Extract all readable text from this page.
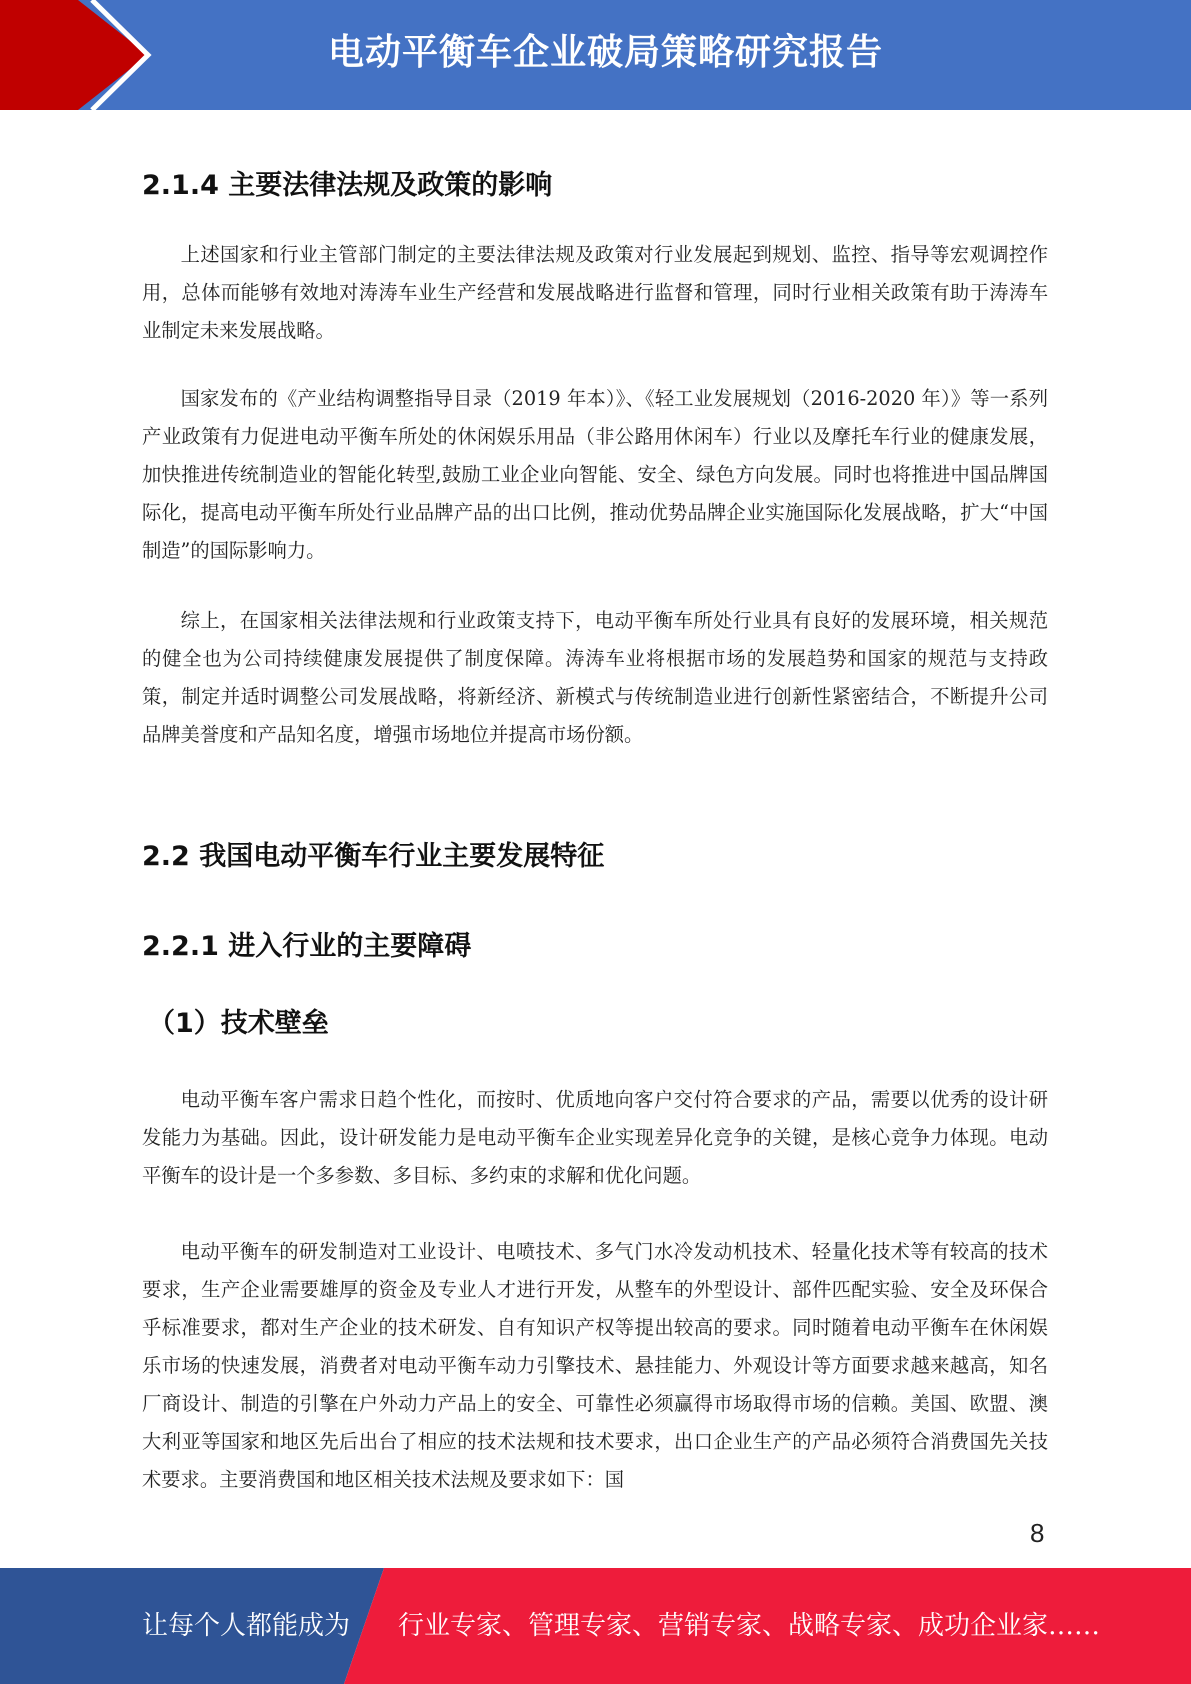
电动平衡车企业破局策略研究报告
2.1.4 主要法律法规及政策的影响

上述国家和行业主管部门制定的主要法律法规及政策对行业发展起到规划、监控、指导等宏观调控作用，总体而能够有效地对涛涛车业生产经营和发展战略进行监督和管理，同时行业相关政策有助于涛涛车业制定未来发展战略。

国家发布的《产业结构调整指导目录（2019 年本）》、《轻工业发展规划（2016-2020 年）》等一系列产业政策有力促进电动平衡车所处的休闲娱乐用品（非公路用休闲车）行业以及摩托车行业的健康发展，加快推进传统制造业的智能化转型,鼓励工业企业向智能、安全、绿色方向发展。同时也将推进中国品牌国际化，提高电动平衡车所处行业品牌产品的出口比例，推动优势品牌企业实施国际化发展战略，扩大“中国制造”的国际影响力。

综上，在国家相关法律法规和行业政策支持下，电动平衡车所处行业具有良好的发展环境，相关规范的健全也为公司持续健康发展提供了制度保障。涛涛车业将根据市场的发展趋势和国家的规范与支持政策，制定并适时调整公司发展战略，将新经济、新模式与传统制造业进行创新性紧密结合，不断提升公司品牌美誉度和产品知名度，增强市场地位并提高市场份额。

2.2 我国电动平衡车行业主要发展特征
2.2.1 进入行业的主要障碍
（1）技术壁垒

电动平衡车客户需求日趋个性化，而按时、优质地向客户交付符合要求的产品，需要以优秀的设计研发能力为基础。因此，设计研发能力是电动平衡车企业实现差异化竞争的关键，是核心竞争力体现。电动平衡车的设计是一个多参数、多目标、多约束的求解和优化问题。

电动平衡车的研发制造对工业设计、电喷技术、多气门水冷发动机技术、轻量化技术等有较高的技术要求，生产企业需要雄厚的资金及专业人才进行开发，从整车的外型设计、部件匹配实验、安全及环保合乎标准要求，都对生产企业的技术研发、自有知识产权等提出较高的要求。同时随着电动平衡车在休闲娱乐市场的快速发展，消费者对电动平衡车动力引擎技术、悬挂能力、外观设计等方面要求越来越高，知名厂商设计、制造的引擎在户外动力产品上的安全、可靠性必须赢得市场取得市场的信赖。美国、欧盟、澳大利亚等国家和地区先后出台了相应的技术法规和技术要求，出口企业生产的产品必须符合消费国先关技术要求。主要消费国和地区相关技术法规及要求如下：国

8
让每个人都能成为 行业专家、管理专家、营销专家、战略专家、成功企业家……
